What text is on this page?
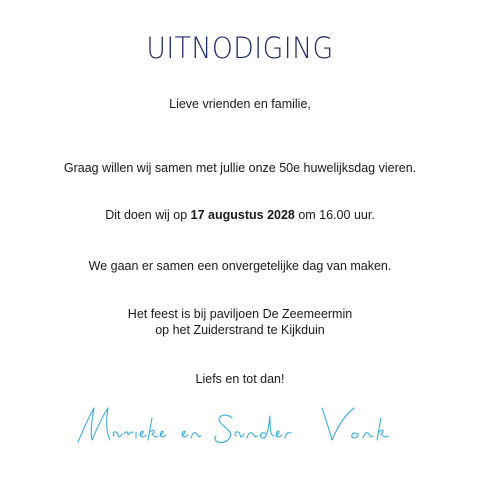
UITNODIGING
Lieve vrienden en familie,
Graag willen wij samen met jullie onze 50e huwelijksdag vieren.
Dit doen wij op 17 augustus 2028 om 16.00 uur.
We gaan er samen een onvergetelijke dag van maken.
Het feest is bij paviljoen De Zeemeermin
op het Zuiderstrand te Kijkduin
Liefs en tot dan!
